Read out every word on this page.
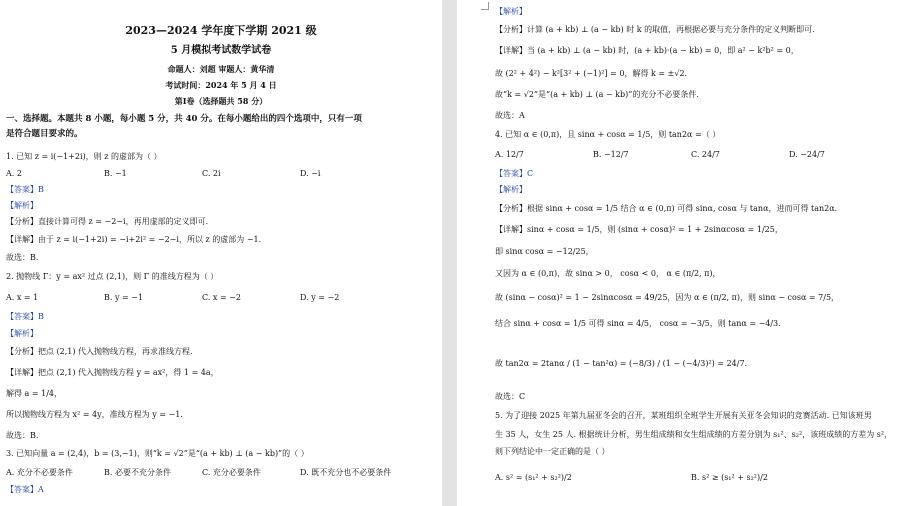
2023—2024 学年度下学期 2021 级
5 月模拟考试数学试卷
命题人：刘超 审题人：黄华清
考试时间：2024 年 5 月 4 日
第Ⅰ卷（选择题共 58 分）
一、选择题。本题共 8 小题，每小题 5 分，共 40 分。在每小题给出的四个选项中，只有一项
是符合题目要求的。
1. 已知 z = i(−1+2i)，则 z 的虚部为（ ）
A. 2	B. −1	C. 2i	D. −i
【答案】B
【解析】
【分析】直接计算可得 z = −2−i，再用虚部的定义即可.
【详解】由于 z = i(−1+2i) = −i+2i² = −2−i，所以 z 的虚部为 −1.
故选：B.
2. 抛物线 Γ：y = ax² 过点 (2,1)，则 Γ 的准线方程为（ ）
A. x = 1	B. y = −1	C. x = −2	D. y = −2
【答案】B
【解析】
【分析】把点 (2,1) 代入抛物线方程，再求准线方程.
【详解】把点 (2,1) 代入抛物线方程 y = ax²，得 1 = 4a，
解得 a = 1/4，
所以抛物线方程为 x² = 4y，准线方程为 y = −1.
故选：B.
3. 已知向量 a = (2,4)，b = (3,−1)，则“k = √2”是“(a + kb) ⊥ (a − kb)”的（ ）
A. 充分不必要条件	B. 必要不充分条件	C. 充分必要条件	D. 既不充分也不必要条件
【答案】A
【解析】
【分析】计算 (a + kb) ⊥ (a − kb) 时 k 的取值，再根据必要与充分条件的定义判断即可.
【详解】当 (a + kb) ⊥ (a − kb) 时，(a + kb)·(a − kb) = 0，即 a² − k²b² = 0，
故 (2² + 4²) − k²[3² + (−1)²] = 0，解得 k = ±√2.
故“k = √2”是“(a + kb) ⊥ (a − kb)”的充分不必要条件.
故选：A
4. 已知 α ∈ (0,π)，且 sinα + cosα = 1/5，则 tan2α =（ ）
A. 12/7	B. −12/7	C. 24/7	D. −24/7
【答案】C
【解析】
【分析】根据 sinα + cosα = 1/5 结合 α ∈ (0,π) 可得 sinα, cosα 与 tanα，进而可得 tan2α.
【详解】sinα + cosα = 1/5，则 (sinα + cosα)² = 1 + 2sinαcosα = 1/25，
即 sinα cosα = −12/25，
又因为 α ∈ (0,π)，故 sinα > 0， cosα < 0， α ∈ (π/2, π)，
故 (sinα − cosα)² = 1 − 2sinαcosα = 49/25，因为 α ∈ (π/2, π)，则 sinα − cosα = 7/5，
结合 sinα + cosα = 1/5 可得 sinα = 4/5， cosα = −3/5，则 tanα = −4/3.
故 tan2α = 2tanα / (1 − tan²α) = (−8/3) / (1 − (−4/3)²) = 24/7.
故选：C
5. 为了迎接 2025 年第九届亚冬会的召开，某班组织全班学生开展有关亚冬会知识的竞赛活动. 已知该班男
生 35 人，女生 25 人. 根据统计分析，男生组成绩和女生组成绩的方差分别为 s₁²、s₂²，该班成绩的方差为 s²，
则下列结论中一定正确的是（ ）
A. s² = (s₁² + s₂²)/2	B. s² ≥ (s₁² + s₂²)/2
